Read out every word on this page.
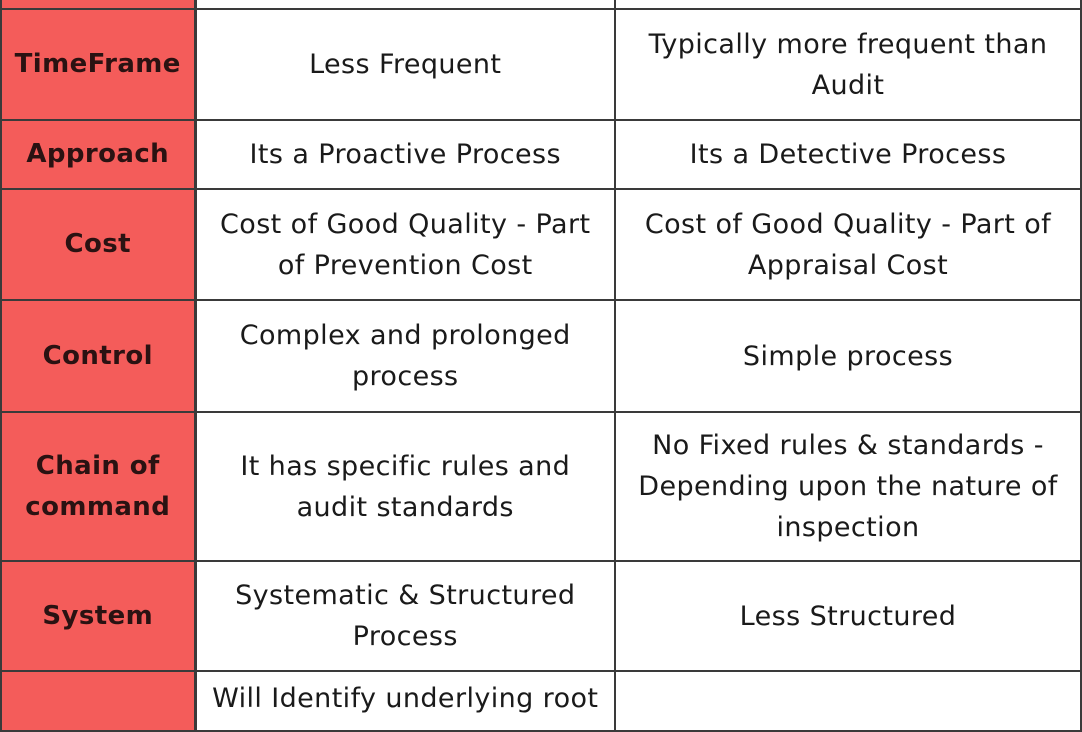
TimeFrame	Less Frequent	Typically more frequent than Audit
Approach	Its a Proactive Process	Its a Detective Process
Cost	Cost of Good Quality - Part of Prevention Cost	Cost of Good Quality - Part of Appraisal Cost
Control	Complex and prolonged process	Simple process
Chain of command	It has specific rules and audit standards	No Fixed rules & standards - Depending upon the nature of inspection
System	Systematic & Structured Process	Less Structured
	Will Identify underlying root	
